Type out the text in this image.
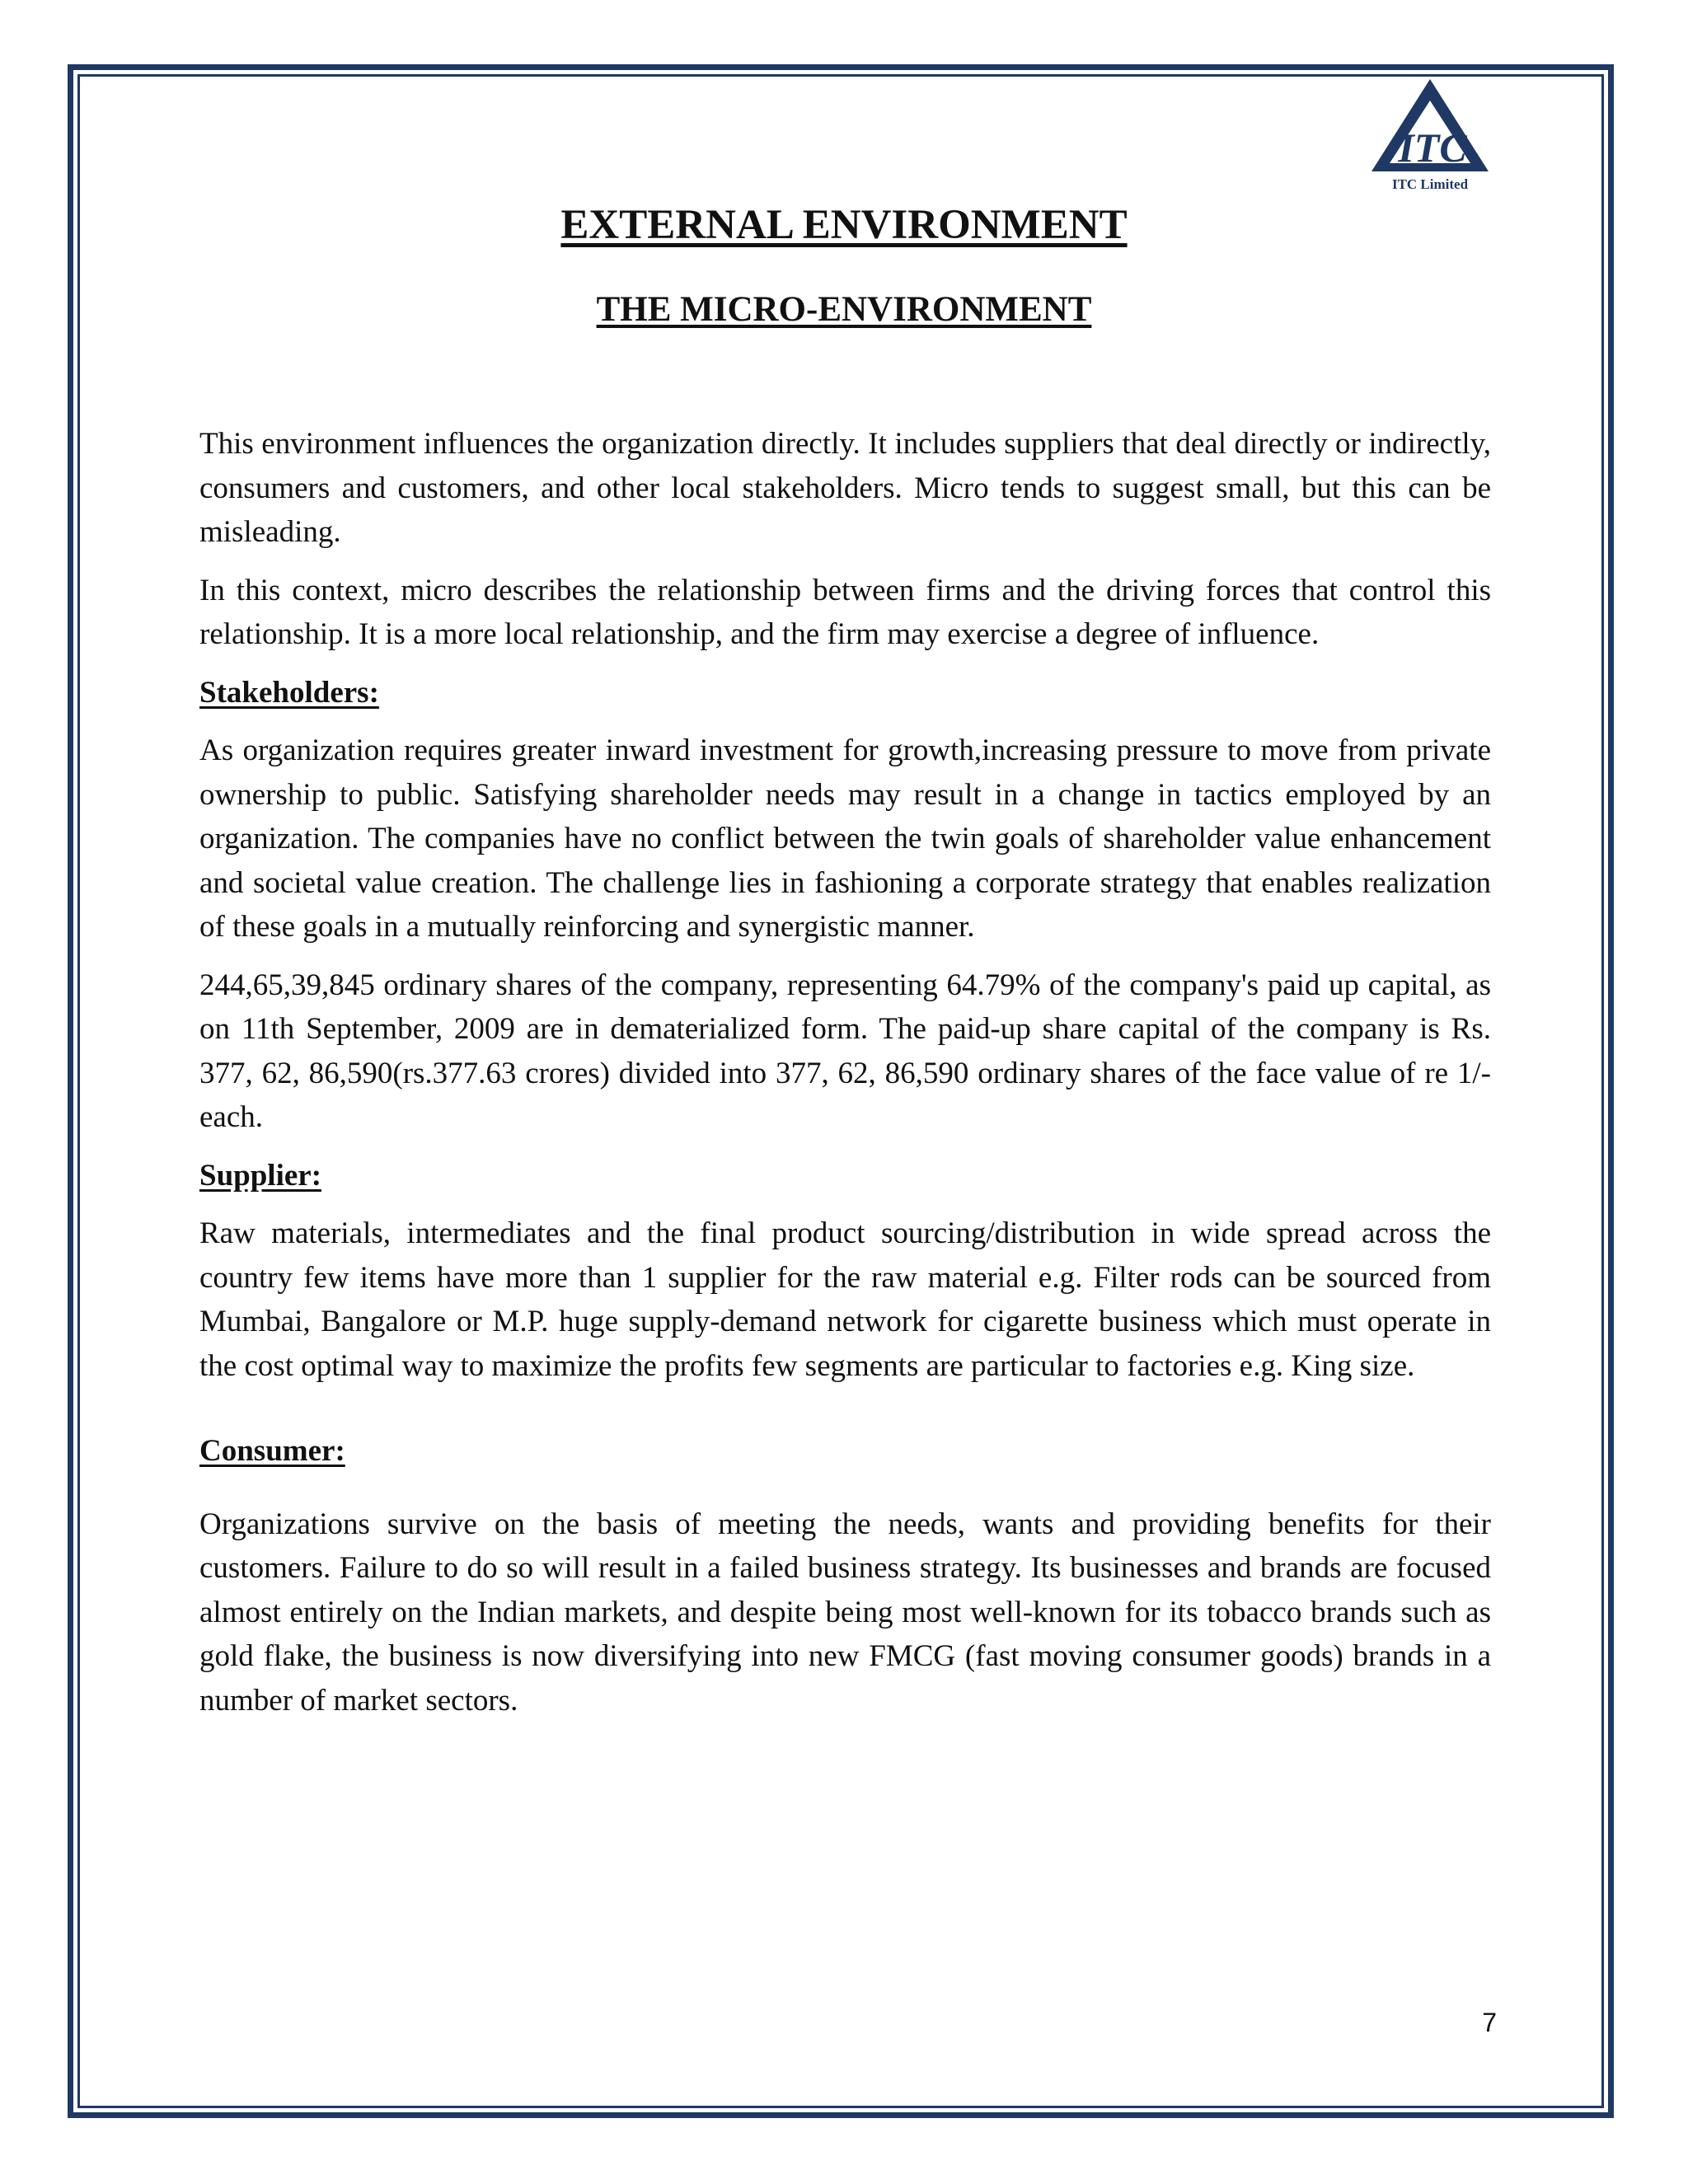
ITC
ITC Limited
EXTERNAL ENVIRONMENT
THE MICRO-ENVIRONMENT

This environment influences the organization directly. It includes suppliers that deal directly or indirectly, consumers and customers, and other local stakeholders. Micro tends to suggest small, but this can be misleading.

In this context, micro describes the relationship between firms and the driving forces that control this relationship. It is a more local relationship, and the firm may exercise a degree of influence.

Stakeholders:

As organization requires greater inward investment for growth,increasing pressure to move from private ownership to public. Satisfying shareholder needs may result in a change in tactics employed by an organization. The companies have no conflict between the twin goals of shareholder value enhancement and societal value creation. The challenge lies in fashioning a corporate strategy that enables realization of these goals in a mutually reinforcing and synergistic manner.

244,65,39,845 ordinary shares of the company, representing 64.79% of the company's paid up capital, as on 11th September, 2009 are in dematerialized form. The paid-up share capital of the company is Rs. 377, 62, 86,590(rs.377.63 crores) divided into 377, 62, 86,590 ordinary shares of the face value of re 1/- each.

Supplier:

Raw materials, intermediates and the final product sourcing/distribution in wide spread across the country few items have more than 1 supplier for the raw material e.g. Filter rods can be sourced from Mumbai, Bangalore or M.P. huge supply-demand network for cigarette business which must operate in the cost optimal way to maximize the profits few segments are particular to factories e.g. King size.

Consumer:

Organizations survive on the basis of meeting the needs, wants and providing benefits for their customers. Failure to do so will result in a failed business strategy. Its businesses and brands are focused almost entirely on the Indian markets, and despite being most well-known for its tobacco brands such as gold flake, the business is now diversifying into new FMCG (fast moving consumer goods) brands in a number of market sectors.

7
